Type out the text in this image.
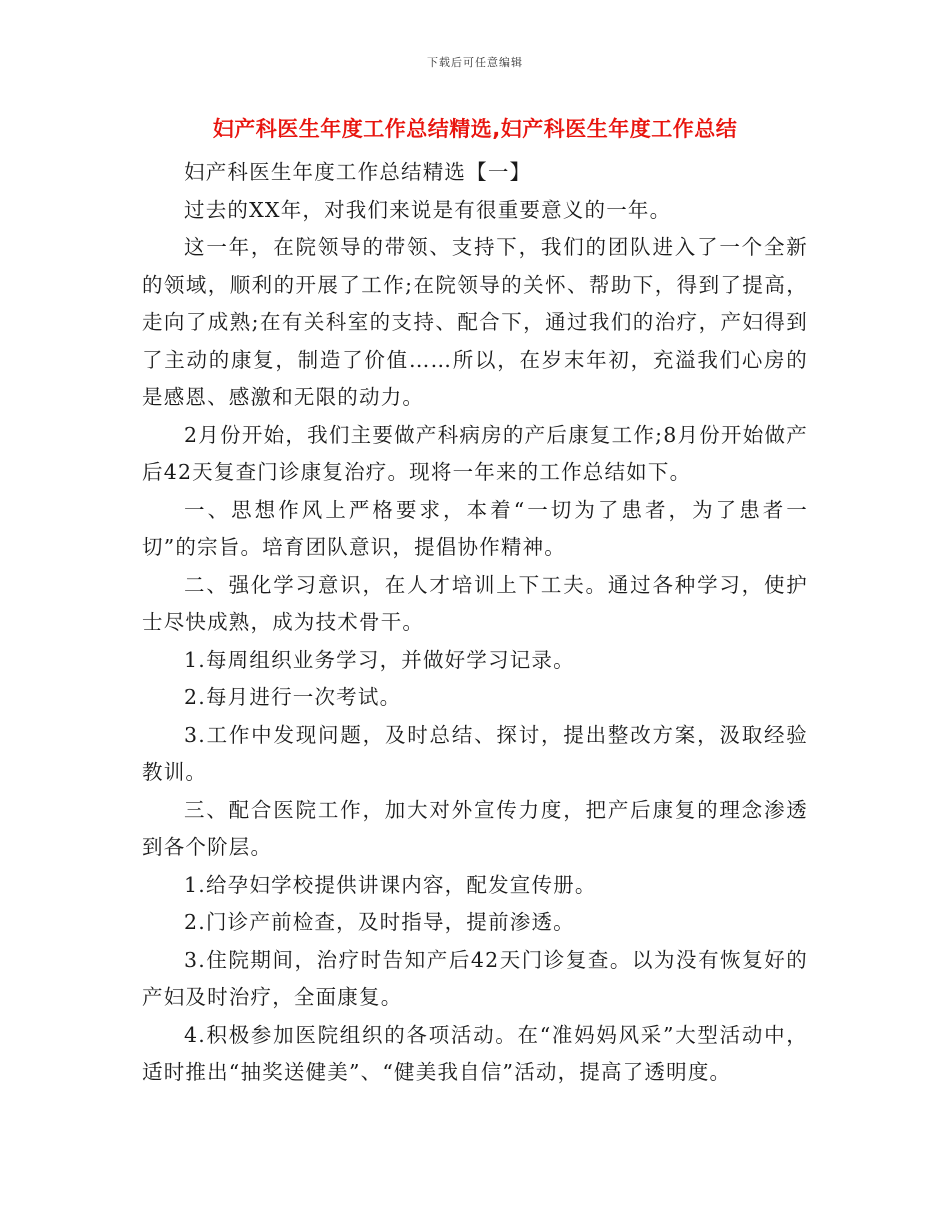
下载后可任意编辑
妇产科医生年度工作总结精选,妇产科医生年度工作总结

妇产科医生年度工作总结精选【一】

过去的XX年，对我们来说是有很重要意义的一年。

这一年，在院领导的带领、支持下，我们的团队进入了一个全新的领域，顺利的开展了工作;在院领导的关怀、帮助下，得到了提高，走向了成熟;在有关科室的支持、配合下，通过我们的治疗，产妇得到了主动的康复，制造了价值……所以，在岁末年初，充溢我们心房的是感恩、感激和无限的动力。

2月份开始，我们主要做产科病房的产后康复工作;8月份开始做产后42天复查门诊康复治疗。现将一年来的工作总结如下。

一、思想作风上严格要求，本着“一切为了患者，为了患者一切”的宗旨。培育团队意识，提倡协作精神。

二、强化学习意识，在人才培训上下工夫。通过各种学习，使护士尽快成熟，成为技术骨干。

1.每周组织业务学习，并做好学习记录。

2.每月进行一次考试。

3.工作中发现问题，及时总结、探讨，提出整改方案，汲取经验教训。

三、配合医院工作，加大对外宣传力度，把产后康复的理念渗透到各个阶层。

1.给孕妇学校提供讲课内容，配发宣传册。

2.门诊产前检查，及时指导，提前渗透。

3.住院期间，治疗时告知产后42天门诊复查。以为没有恢复好的产妇及时治疗，全面康复。

4.积极参加医院组织的各项活动。在“准妈妈风采”大型活动中，适时推出“抽奖送健美”、“健美我自信”活动，提高了透明度。
